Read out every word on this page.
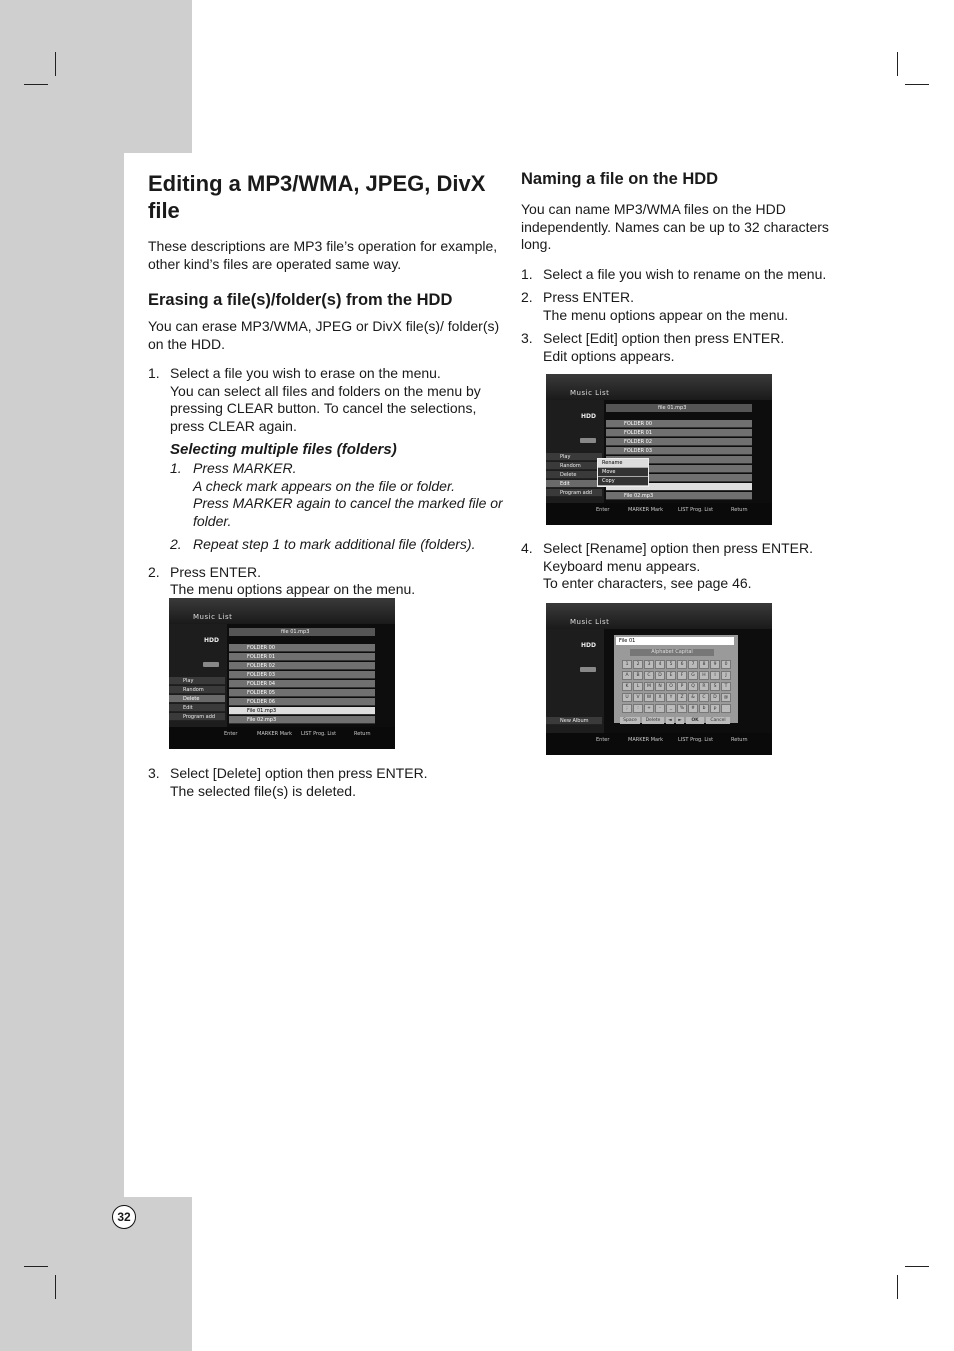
32
Editing a MP3/WMA, JPEG, DivX file

These descriptions are MP3 file’s operation for example, other kind’s files are operated same way.

Erasing a file(s)/folder(s) from the HDD

You can erase MP3/WMA, JPEG or DivX file(s)/ folder(s) on the HDD.

1. Select a file you wish to erase on the menu.
You can select all files and folders on the menu by pressing CLEAR button. To cancel the selections, press CLEAR again.
Selecting multiple files (folders)
1. Press MARKER.
A check mark appears on the file or folder.
Press MARKER again to cancel the marked file or folder.
2. Repeat step 1 to mark additional file (folders).
2. Press ENTER.
The menu options appear on the menu.
3. Select [Delete] option then press ENTER.
The selected file(s) is deleted.
Naming a file on the HDD

You can name MP3/WMA files on the HDD independently. Names can be up to 32 characters long.

1. Select a file you wish to rename on the menu.
2. Press ENTER.
The menu options appear on the menu.
3. Select [Edit] option then press ENTER.
Edit options appears.
4. Select [Rename] option then press ENTER.
Keyboard menu appears.
To enter characters, see page 46.
Music List
HDD
Play
Random
Delete
Edit
Program add
file 01.mp3
FOLDER 00
FOLDER 01
FOLDER 02
FOLDER 03
FOLDER 04
FOLDER 05
FOLDER 06
File 01.mp3
File 02.mp3
Enter	MARKER Mark LIST Prog. List	Return
Music List
HDD
Play
Random
Delete
Edit
Program add
file 01.mp3
FOLDER 00
FOLDER 01
FOLDER 02
FOLDER 03
File 02.mp3
Rename
Move
Copy
Enter	MARKER Mark	LIST Prog. List	Return
Music List
HDD
New Album
File 01
Alphabet Capital
1	2	3	4	5	6	7	8	9	0
A	B	C	D	E	F	G	H	I	J
K	L	M	N	O	P	Q	R	S	T
U	V	W	X	Y	Z	&	C	D	@
;	:	+	-	_	%	#	b	p
Space	Delete	◄	►	OK	Cancel
Enter	MARKER Mark	LIST Prog. List	Return
